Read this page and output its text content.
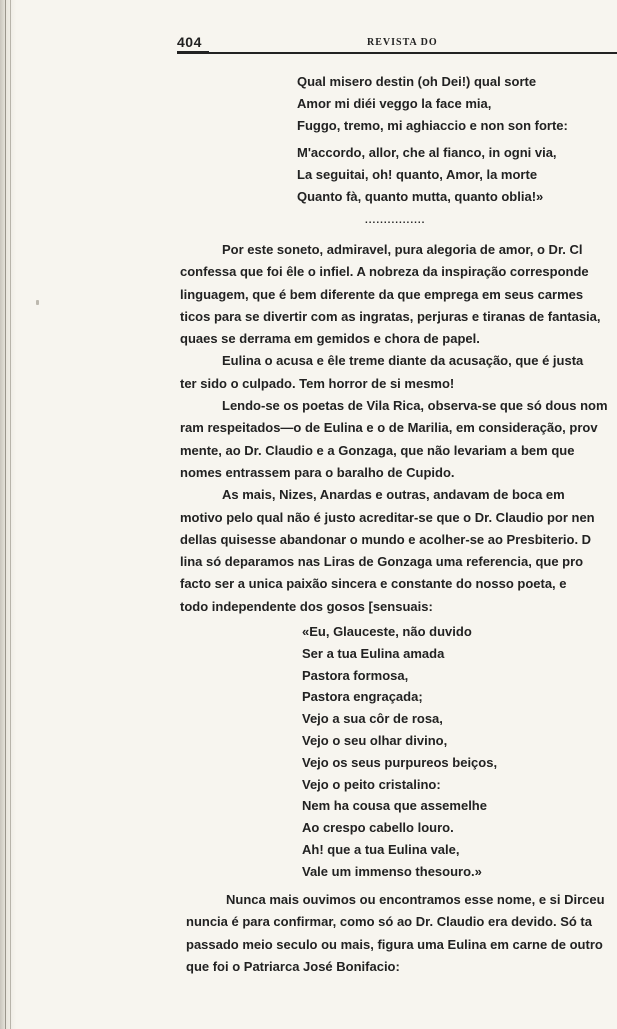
404	REVISTA DO
Qual misero destin (oh Dei!) qual sorte
Amor mi diéi veggo la face mia,
Fuggo, tremo, mi aghiaccio e non son forte:
M'accordo, allor, che al fianco, in ogni via,
La seguitai, oh! quanto, Amor, la morte
Quanto fà, quanto mutta, quanto oblia!»
................
Por este soneto, admiravel, pura alegoria de amor, o Dr. Cl
confessa que foi êle o infiel. A nobreza da inspiração corresponde
linguagem, que é bem diferente da que emprega em seus carmes
ticos para se divertir com as ingratas, perjuras e tiranas de fantasia,
quaes se derrama em gemidos e chora de papel.
Eulina o acusa e êle treme diante da acusação, que é justa
ter sido o culpado. Tem horror de si mesmo!
Lendo-se os poetas de Vila Rica, observa-se que só dous nom
ram respeitados—o de Eulina e o de Marilia, em consideração, prov
mente, ao Dr. Claudio e a Gonzaga, que não levariam a bem que
nomes entrassem para o baralho de Cupido.
As mais, Nizes, Anardas e outras, andavam de boca em
motivo pelo qual não é justo acreditar-se que o Dr. Claudio por nen
dellas quisesse abandonar o mundo e acolher-se ao Presbiterio. D
lina só deparamos nas Liras de Gonzaga uma referencia, que pro
facto ser a unica paixão sincera e constante do nosso poeta, e
todo independente dos gosos [sensuais:
«Eu, Glauceste, não duvido
Ser a tua Eulina amada
Pastora formosa,
Pastora engraçada;
Vejo a sua côr de rosa,
Vejo o seu olhar divino,
Vejo os seus purpureos beiços,
Vejo o peito cristalino:
Nem ha cousa que assemelhe
Ao crespo cabello louro.
Ah! que a tua Eulina vale,
Vale um immenso thesouro.»
Nunca mais ouvimos ou encontramos esse nome, e si Dirceu
nuncia é para confirmar, como só ao Dr. Claudio era devido. Só ta
passado meio seculo ou mais, figura uma Eulina em carne de outro
que foi o Patriarca José Bonifacio:
